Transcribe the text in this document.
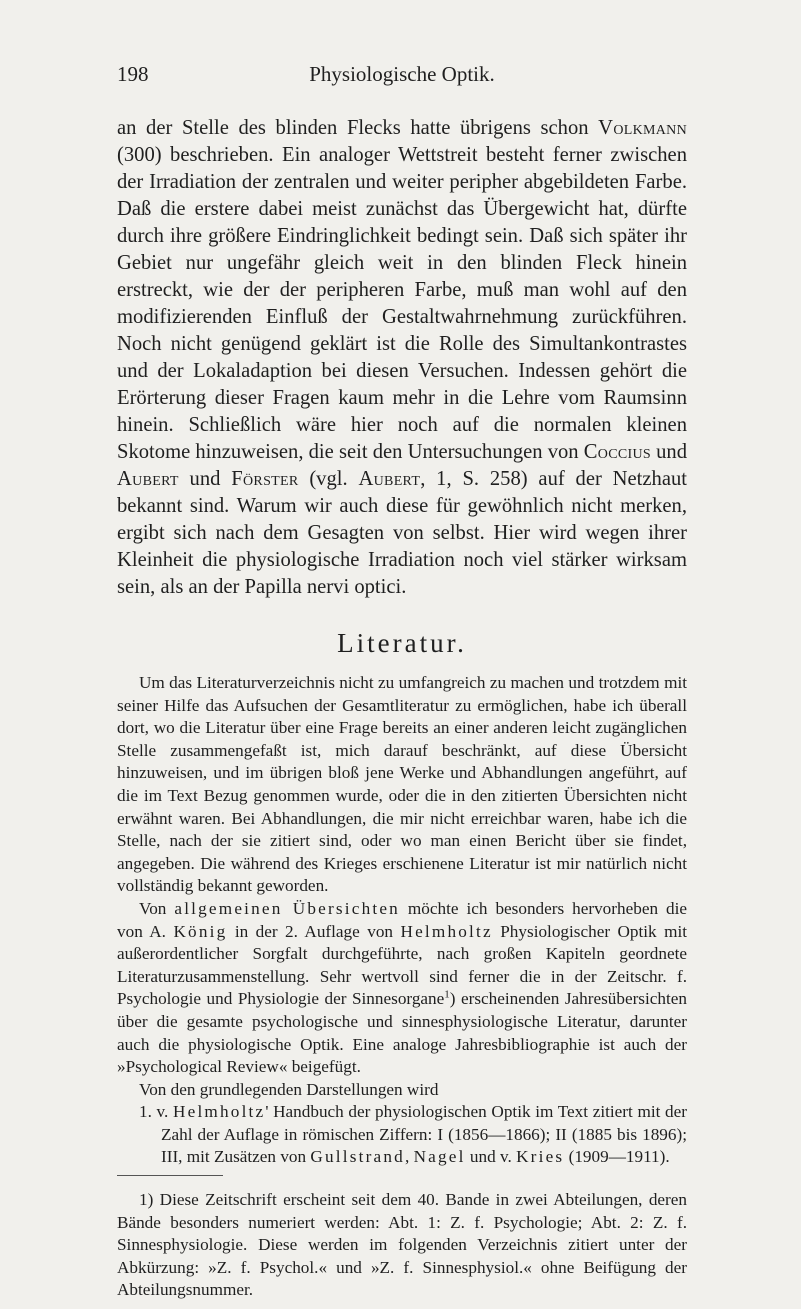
198	Physiologische Optik.

an der Stelle des blinden Flecks hatte übrigens schon Volkmann (300) beschrieben. Ein analoger Wettstreit besteht ferner zwischen der Irradiation der zentralen und weiter peripher abgebildeten Farbe. Daß die erstere dabei meist zunächst das Übergewicht hat, dürfte durch ihre größere Eindringlichkeit bedingt sein. Daß sich später ihr Gebiet nur ungefähr gleich weit in den blinden Fleck hinein erstreckt, wie der der peripheren Farbe, muß man wohl auf den modifizierenden Einfluß der Gestaltwahrnehmung zurückführen. Noch nicht genügend geklärt ist die Rolle des Simultankontrastes und der Lokaladaption bei diesen Versuchen. Indessen gehört die Erörterung dieser Fragen kaum mehr in die Lehre vom Raumsinn hinein. Schließlich wäre hier noch auf die normalen kleinen Skotome hinzuweisen, die seit den Untersuchungen von Coccius und Aubert und Förster (vgl. Aubert, 1, S. 258) auf der Netzhaut bekannt sind. Warum wir auch diese für gewöhnlich nicht merken, ergibt sich nach dem Gesagten von selbst. Hier wird wegen ihrer Kleinheit die physiologische Irradiation noch viel stärker wirksam sein, als an der Papilla nervi optici.

Literatur.

Um das Literaturverzeichnis nicht zu umfangreich zu machen und trotzdem mit seiner Hilfe das Aufsuchen der Gesamtliteratur zu ermöglichen, habe ich überall dort, wo die Literatur über eine Frage bereits an einer anderen leicht zugänglichen Stelle zusammengefaßt ist, mich darauf beschränkt, auf diese Übersicht hinzuweisen, und im übrigen bloß jene Werke und Abhandlungen angeführt, auf die im Text Bezug genommen wurde, oder die in den zitierten Übersichten nicht erwähnt waren. Bei Abhandlungen, die mir nicht erreichbar waren, habe ich die Stelle, nach der sie zitiert sind, oder wo man einen Bericht über sie findet, angegeben. Die während des Krieges erschienene Literatur ist mir natürlich nicht vollständig bekannt geworden.

Von allgemeinen Übersichten möchte ich besonders hervorheben die von A. König in der 2. Auflage von Helmholtz Physiologischer Optik mit außerordentlicher Sorgfalt durchgeführte, nach großen Kapiteln geordnete Literaturzusammenstellung. Sehr wertvoll sind ferner die in der Zeitschr. f. Psychologie und Physiologie der Sinnesorgane$^1$) erscheinenden Jahresübersichten über die gesamte psychologische und sinnesphysiologische Literatur, darunter auch die physiologische Optik. Eine analoge Jahresbibliographie ist auch der »Psychological Review« beigefügt.

Von den grundlegenden Darstellungen wird

1. v. Helmholtz' Handbuch der physiologischen Optik im Text zitiert mit der Zahl der Auflage in römischen Ziffern: I (1856—1866); II (1885 bis 1896); III, mit Zusätzen von Gullstrand, Nagel und v. Kries (1909—1911).

1) Diese Zeitschrift erscheint seit dem 40. Bande in zwei Abteilungen, deren Bände besonders numeriert werden: Abt. 1: Z. f. Psychologie; Abt. 2: Z. f. Sinnesphysiologie. Diese werden im folgenden Verzeichnis zitiert unter der Abkürzung: »Z. f. Psychol.« und »Z. f. Sinnesphysiol.« ohne Beifügung der Abteilungsnummer.
